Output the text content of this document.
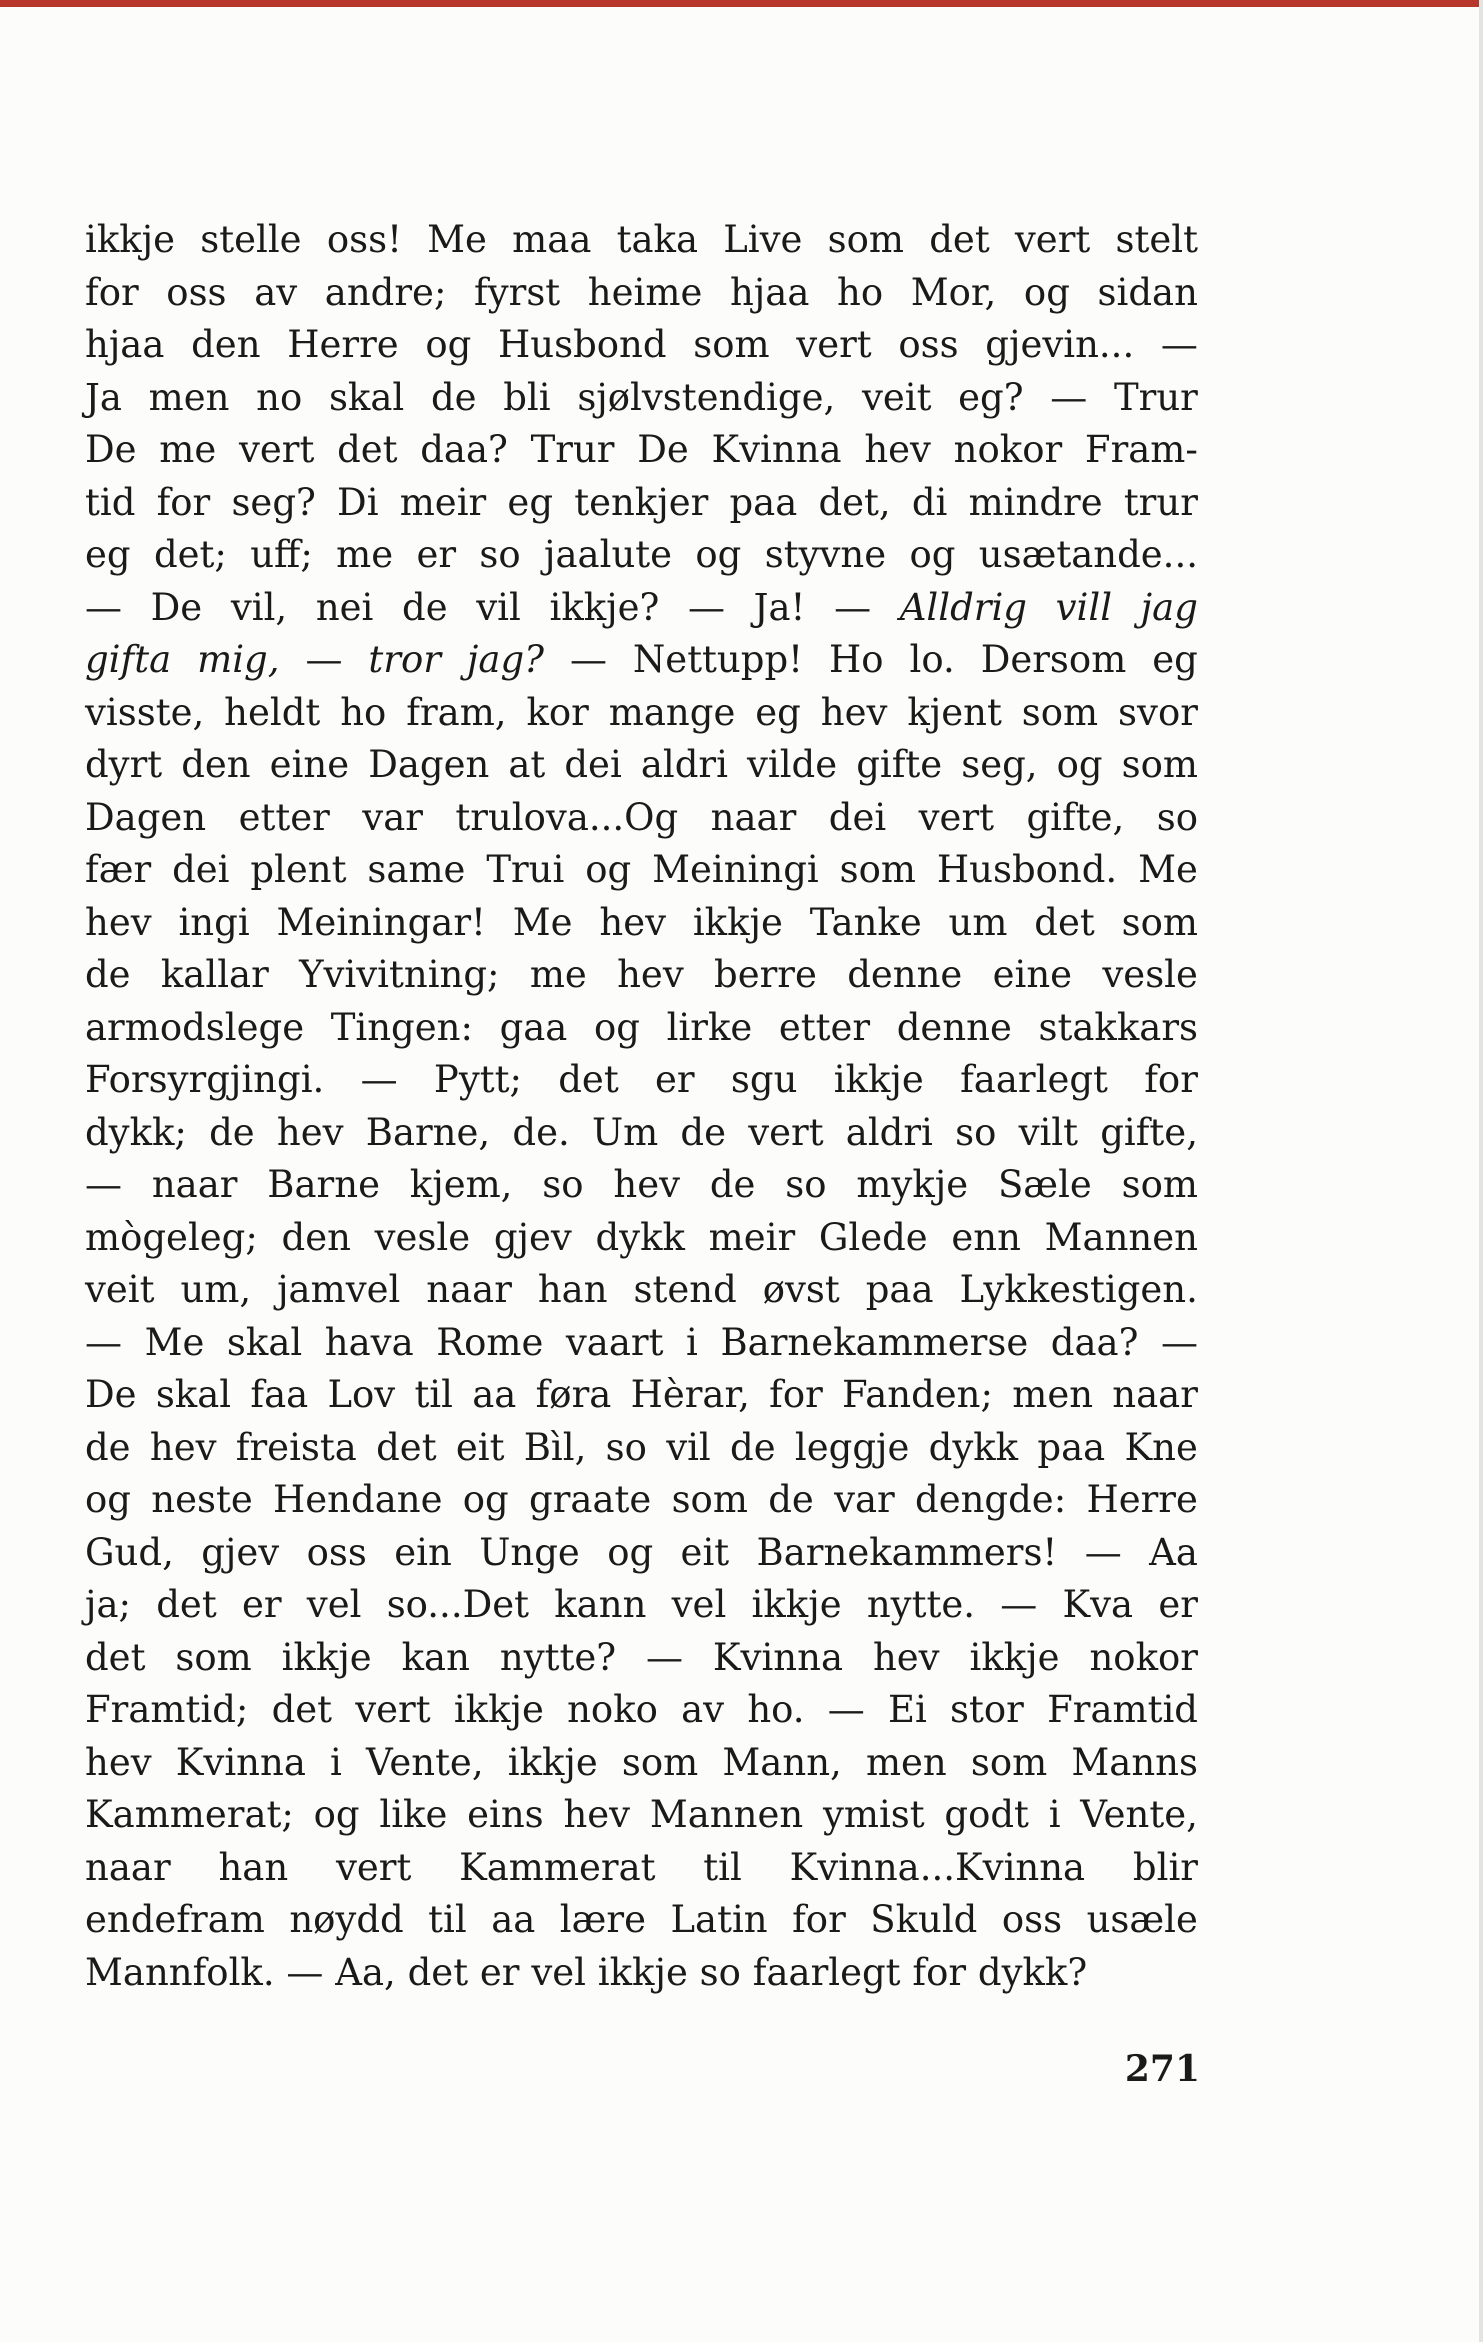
ikkje stelle oss! Me maa taka Live som det vert stelt
for oss av andre; fyrst heime hjaa ho Mor, og sidan
hjaa den Herre og Husbond som vert oss gjevin... —
Ja men no skal de bli sjølvstendige, veit eg? — Trur
De me vert det daa? Trur De Kvinna hev nokor Fram-
tid for seg? Di meir eg tenkjer paa det, di mindre trur
eg det; uff; me er so jaalute og styvne og usætande...
— De vil, nei de vil ikkje? — Ja! — Alldrig vill jag
gifta mig, — tror jag? — Nettupp! Ho lo. Dersom eg
visste, heldt ho fram, kor mange eg hev kjent som svor
dyrt den eine Dagen at dei aldri vilde gifte seg, og som
Dagen etter var trulova...Og naar dei vert gifte, so
fær dei plent same Trui og Meiningi som Husbond. Me
hev ingi Meiningar! Me hev ikkje Tanke um det som
de kallar Yvivitning; me hev berre denne eine vesle
armodslege Tingen: gaa og lirke etter denne stakkars
Forsyrgjingi. — Pytt; det er sgu ikkje faarlegt for
dykk; de hev Barne, de. Um de vert aldri so vilt gifte,
— naar Barne kjem, so hev de so mykje Sæle som
mògeleg; den vesle gjev dykk meir Glede enn Mannen
veit um, jamvel naar han stend øvst paa Lykkestigen.
— Me skal hava Rome vaart i Barnekammerse daa? —
De skal faa Lov til aa føra Hèrar, for Fanden; men naar
de hev freista det eit Bìl, so vil de leggje dykk paa Kne
og neste Hendane og graate som de var dengde: Herre
Gud, gjev oss ein Unge og eit Barnekammers! — Aa
ja; det er vel so...Det kann vel ikkje nytte. — Kva er
det som ikkje kan nytte? — Kvinna hev ikkje nokor
Framtid; det vert ikkje noko av ho. — Ei stor Framtid
hev Kvinna i Vente, ikkje som Mann, men som Manns
Kammerat; og like eins hev Mannen ymist godt i Vente,
naar han vert Kammerat til Kvinna...Kvinna blir
endefram nøydd til aa lære Latin for Skuld oss usæle
Mannfolk. — Aa, det er vel ikkje so faarlegt for dykk?
271
